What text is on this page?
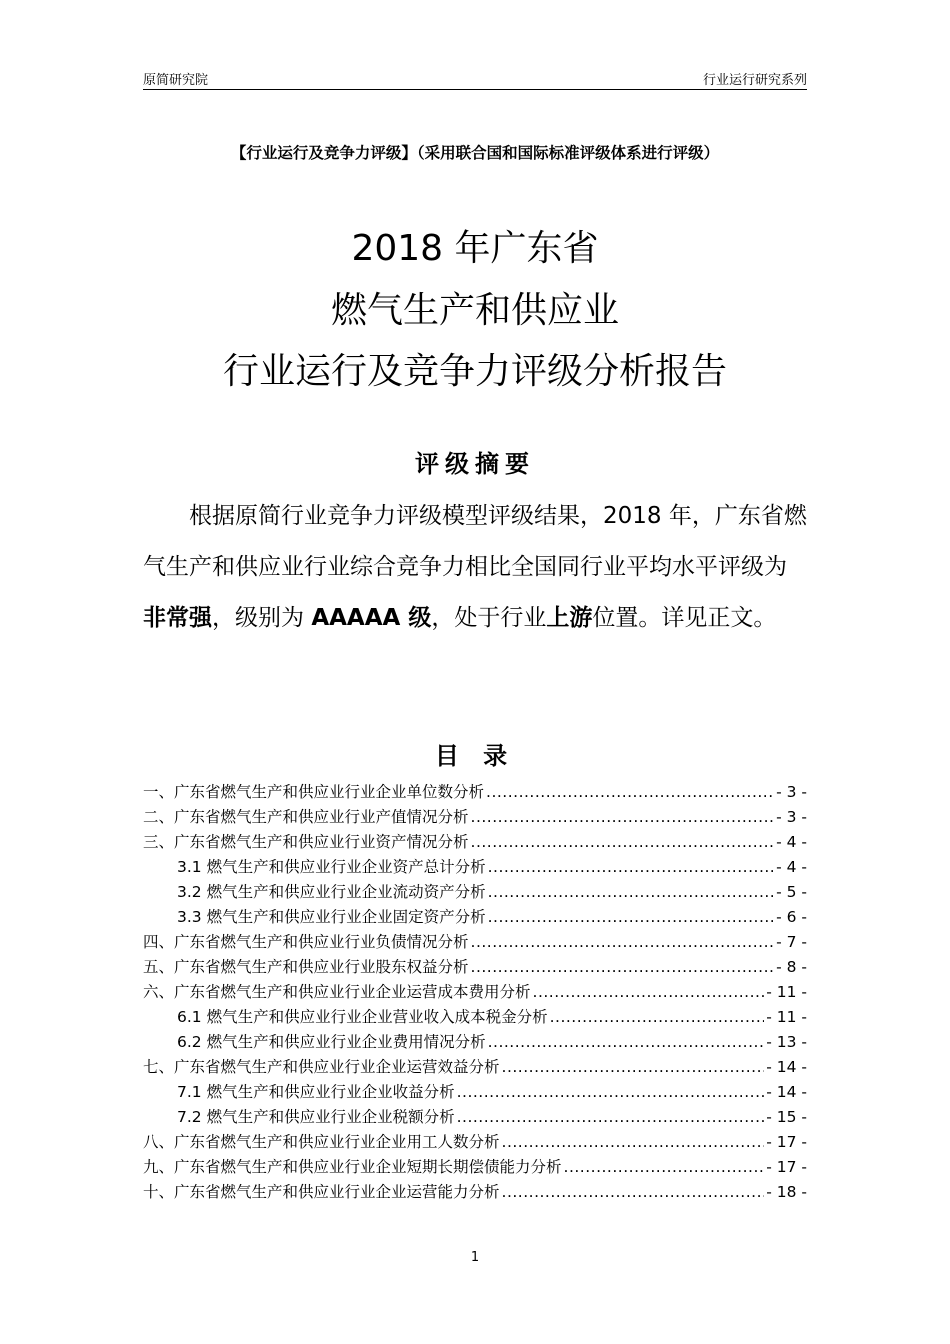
原简研究院	行业运行研究系列
【行业运行及竞争力评级】（采用联合国和国际标准评级体系进行评级）
2018 年广东省
燃气生产和供应业
行业运行及竞争力评级分析报告
评级摘要
根据原简行业竞争力评级模型评级结果，2018 年，广东省燃气生产和供应业行业综合竞争力相比全国同行业平均水平评级为非常强，级别为 AAAAA 级，处于行业上游位置。详见正文。
目 录
一、广东省燃气生产和供应业行业企业单位数分析 .....	- 3 -
二、广东省燃气生产和供应业行业产值情况分析 .....	- 3 -
三、广东省燃气生产和供应业行业资产情况分析 .....	- 4 -
3.1 燃气生产和供应业行业企业资产总计分析 .....	- 4 -
3.2 燃气生产和供应业行业企业流动资产分析 .....	- 5 -
3.3 燃气生产和供应业行业企业固定资产分析 .....	- 6 -
四、广东省燃气生产和供应业行业负债情况分析 .....	- 7 -
五、广东省燃气生产和供应业行业股东权益分析 .....	- 8 -
六、广东省燃气生产和供应业行业企业运营成本费用分析 .....	- 11 -
6.1 燃气生产和供应业行业企业营业收入成本税金分析 .....	- 11 -
6.2 燃气生产和供应业行业企业费用情况分析 .....	- 13 -
七、广东省燃气生产和供应业行业企业运营效益分析 .....	- 14 -
7.1 燃气生产和供应业行业企业收益分析 .....	- 14 -
7.2 燃气生产和供应业行业企业税额分析 .....	- 15 -
八、广东省燃气生产和供应业行业企业用工人数分析 .....	- 17 -
九、广东省燃气生产和供应业行业企业短期长期偿债能力分析 .....	- 17 -
十、广东省燃气生产和供应业行业企业运营能力分析 .....	- 18 -
1
